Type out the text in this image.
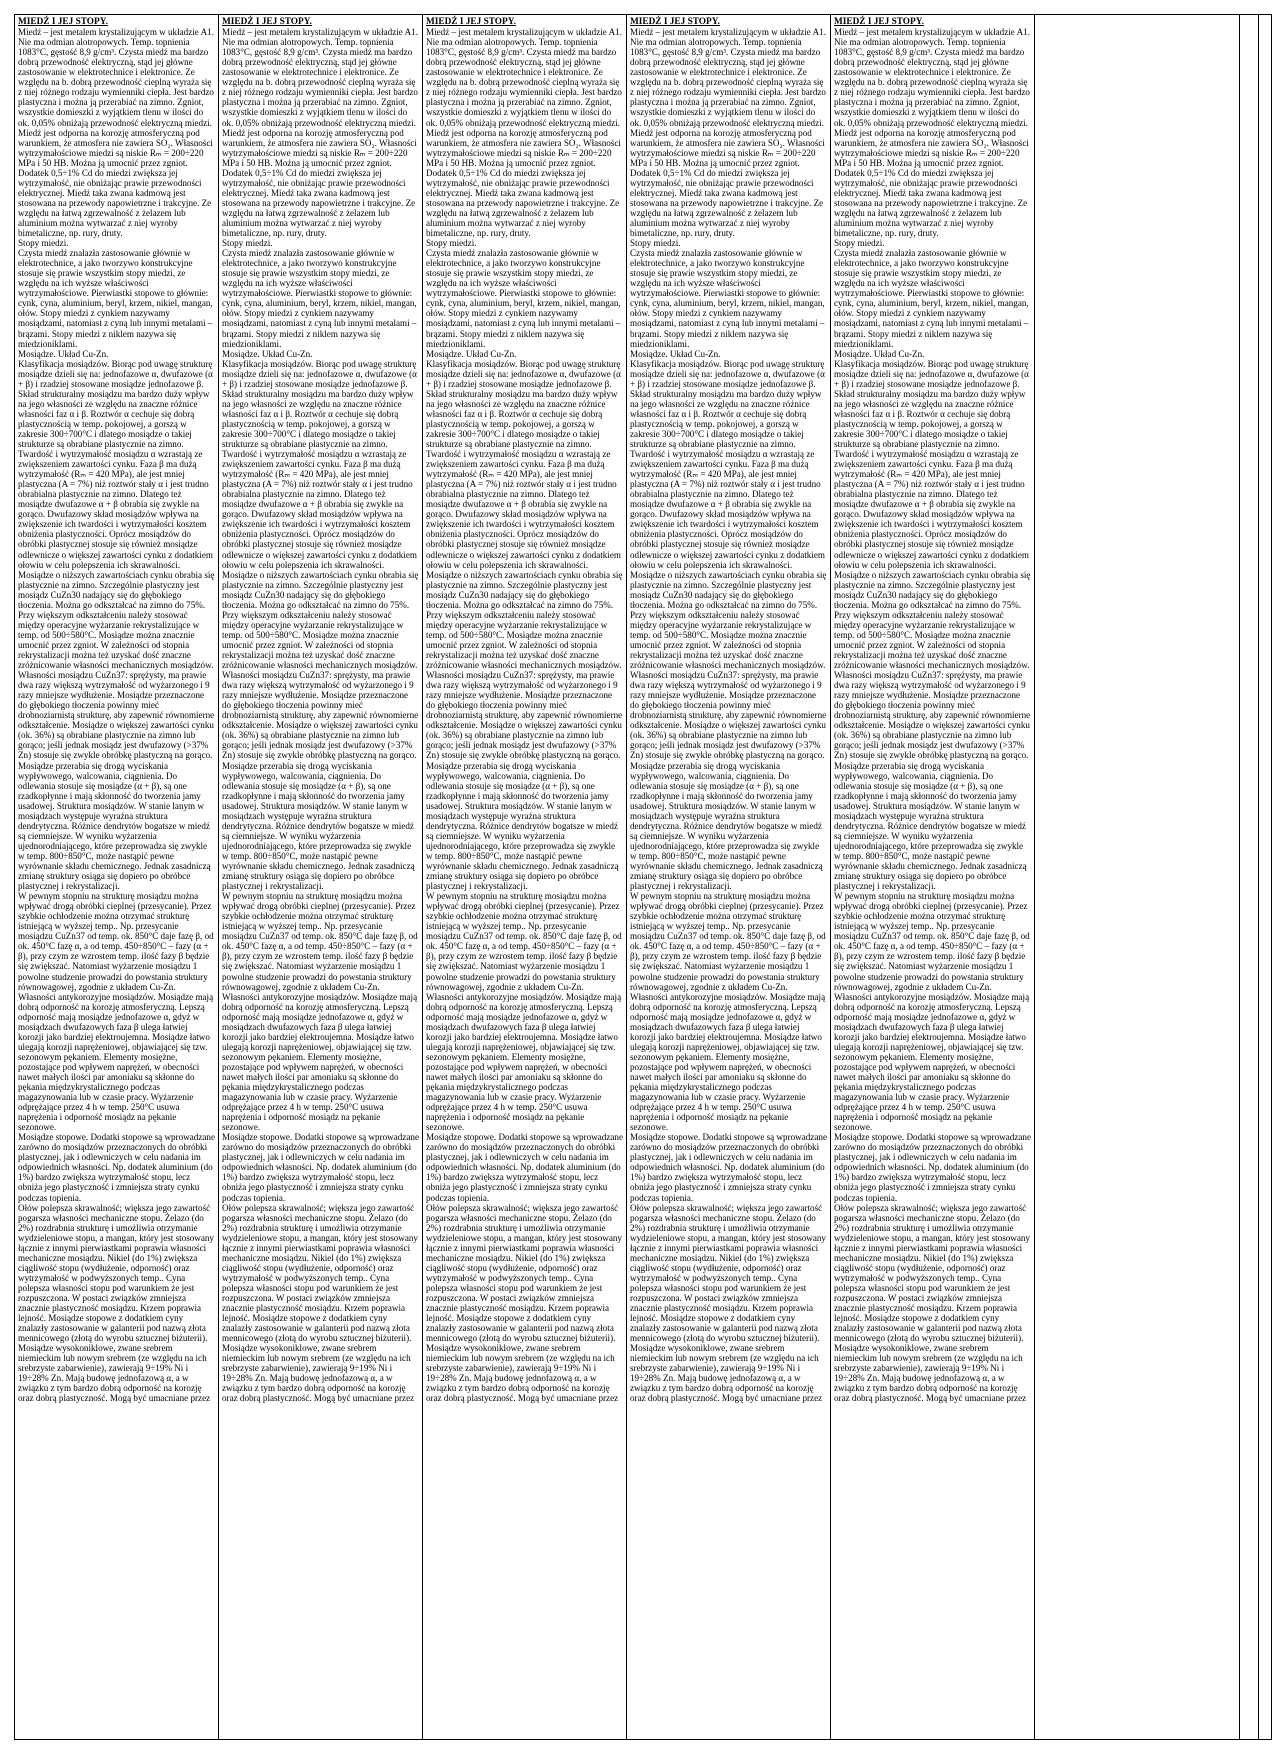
MIEDŹ I JEJ STOPY.
Miedź – jest metalem krystalizującym w układzie A1. Nie ma odmian alotropowych. Temp. topnienia 1083°C, gęstość 8,9 g/cm³. Czysta miedź ma bardzo dobrą przewodność elektryczną, stąd jej główne zastosowanie w elektrotechnice i elektronice. Ze względu na b. dobrą przewodność cieplną wyraża się z niej różnego rodzaju wymienniki ciepła. Jest bardzo plastyczna i można ją przerabiać na zimno. Zgniot, wszystkie domieszki z wyjątkiem tlenu w ilości do ok. 0,05% obniżają przewodność elektryczną miedzi. Miedź jest odporna na korozję atmosferyczną pod warunkiem, że atmosfera nie zawiera SO₂. Własności wytrzymałościowe miedzi są niskie Rₘ = 200÷220 MPa i 50 HB. Można ją umocnić przez zgniot. Dodatek 0,5÷1% Cd do miedzi zwiększa jej wytrzymałość, nie obniżając prawie przewodności elektrycznej. Miedź taka zwana kadmową jest stosowana na przewody napowietrzne i trakcyjne. Ze względu na łatwą zgrzewalność z żelazem lub aluminium można wytwarzać z niej wyroby bimetaliczne, np. rury, druty.
Stopy miedzi.
Czysta miedź znalazła zastosowanie głównie w elektrotechnice, a jako tworzywo konstrukcyjne stosuje się prawie wszystkim stopy miedzi, ze względu na ich wyższe właściwości wytrzymałościowe. Pierwiastki stopowe to głównie: cynk, cyna, aluminium, beryl, krzem, nikiel, mangan, ołów. Stopy miedzi z cynkiem nazywamy mosiądzami, natomiast z cyną lub innymi metalami – brązami. Stopy miedzi z niklem nazywa się miedzioniklami.
Mosiądze. Układ Cu-Zn.
Klasyfikacja mosiądzów. Biorąc pod uwagę strukturę mosiądze dzieli się na: jednofazowe α, dwufazowe (α + β) i rzadziej stosowane mosiądze jednofazowe β. Skład strukturalny mosiądzu ma bardzo duży wpływ na jego własności ze względu na znaczne różnice własności faz α i β. Roztwór α cechuje się dobrą plastycznością w temp. pokojowej, a gorszą w zakresie 300÷700°C i dlatego mosiądze o takiej strukturze są obrabiane plastycznie na zimno. Twardość i wytrzymałość mosiądzu α wzrastają ze zwiększeniem zawartości cynku. Faza β ma dużą wytrzymałość (Rₘ = 420 MPa), ale jest mniej plastyczna (A = 7%) niż roztwór stały α i jest trudno obrabialna plastycznie na zimno. Dlatego też mosiądze dwufazowe α + β obrabia się zwykle na gorąco. Dwufazowy skład mosiądzów wpływa na zwiększenie ich twardości i wytrzymałości kosztem obniżenia plastyczności. Oprócz mosiądzów do obróbki plastycznej stosuje się również mosiądze odlewnicze o większej zawartości cynku z dodatkiem ołowiu w celu polepszenia ich skrawalności. Mosiądze o niższych zawartościach cynku obrabia się plastycznie na zimno. Szczególnie plastyczny jest mosiądz CuZn30 nadający się do głębokiego tłoczenia. Można go odkształcać na zimno do 75%. Przy większym odkształceniu należy stosować między operacyjne wyżarzanie rekrystalizujące w temp. od 500÷580°C. Mosiądze można znacznie umocnić przez zgniot. W zależności od stopnia rekrystalizacji można też uzyskać dość znaczne zróżnicowanie własności mechanicznych mosiądzów. Własności mosiądzu CuZn37: sprężysty, ma prawie dwa razy większą wytrzymałość od wyżarzonego i 9 razy mniejsze wydłużenie. Mosiądze przeznaczone do głębokiego tłoczenia powinny mieć drobnoziarnistą strukturę, aby zapewnić równomierne odkształcenie. Mosiądze o większej zawartości cynku (ok. 36%) są obrabiane plastycznie na zimno lub gorąco; jeśli jednak mosiądz jest dwufazowy (>37% Zn) stosuje się zwykle obróbkę plastyczną na gorąco. Mosiądze przerabia się drogą wyciskania wypływowego, walcowania, ciągnienia. Do odlewania stosuje się mosiądze (α + β), są one rzadkopłynne i mają skłonność do tworzenia jamy usadowej. Struktura mosiądzów. W stanie lanym w mosiądzach występuje wyraźna struktura dendrytyczna. Różnice dendrytów bogatsze w miedź są ciemniejsze. W wyniku wyżarzenia ujednorodniającego, które przeprowadza się zwykle w temp. 800÷850°C, może nastąpić pewne wyrównanie składu chemicznego. Jednak zasadniczą zmianę struktury osiąga się dopiero po obróbce plastycznej i rekrystalizacji.
W pewnym stopniu na strukturę mosiądzu można wpływać drogą obróbki cieplnej (przesycanie). Przez szybkie ochłodzenie można otrzymać strukturę istniejącą w wyższej temp.. Np. przesycanie mosiądzu CuZn37 od temp. ok. 850°C daje fazę β, od ok. 450°C fazę α, a od temp. 450÷850°C – fazy (α + β), przy czym ze wzrostem temp. ilość fazy β będzie się zwiększać. Natomiast wyżarzenie mosiądzu 1 powolne studzenie prowadzi do powstania struktury równowagowej, zgodnie z układem Cu-Zn.
Własności antykorozyjne mosiądzów. Mosiądze mają dobrą odporność na korozję atmosferyczną. Lepszą odporność mają mosiądze jednofazowe α, gdyż w mosiądzach dwufazowych faza β ulega łatwiej korozji jako bardziej elektroujemna. Mosiądze łatwo ulegają korozji naprężeniowej, objawiającej się tzw. sezonowym pękaniem. Elementy mosiężne, pozostające pod wpływem naprężeń, w obecności nawet małych ilości par amoniaku są skłonne do pękania międzykrystalicznego podczas magazynowania lub w czasie pracy. Wyżarzenie odprężające przez 4 h w temp. 250°C usuwa naprężenia i odporność mosiądz na pękanie sezonowe.
Mosiądze stopowe. Dodatki stopowe są wprowadzane zarówno do mosiądzów przeznaczonych do obróbki plastycznej, jak i odlewniczych w celu nadania im odpowiednich własności. Np. dodatek aluminium (do 1%) bardzo zwiększa wytrzymałość stopu, lecz obniża jego plastyczność i zmniejsza straty cynku podczas topienia.
Ołów polepsza skrawalność; większa jego zawartość pogarsza własności mechaniczne stopu. Żelazo (do 2%) rozdrabnia strukturę i umożliwia otrzymanie wydzieleniowe stopu, a mangan, który jest stosowany łącznie z innymi pierwiastkami poprawia własności mechaniczne mosiądzu. Nikiel (do 1%) zwiększa ciągliwość stopu (wydłużenie, odporność) oraz wytrzymałość w podwyższonych temp.. Cyna polepsza własności stopu pod warunkiem że jest rozpuszczona. W postaci związków zmniejsza znacznie plastyczność mosiądzu. Krzem poprawia lejność. Mosiądze stopowe z dodatkiem cyny znalazły zastosowanie w galanterii pod nazwą złota mennicowego (złotą do wyrobu sztucznej biżuterii).
Mosiądze wysokoniklowe, zwane srebrem niemieckim lub nowym srebrem (ze względu na ich srebrzyste zabarwienie), zawierają 9÷19% Ni i 19÷28% Zn. Mają budowę jednofazową α, a w związku z tym bardzo dobrą odporność na korozję oraz dobrą plastyczność. Mogą być umacniane przez

MIEDŹ I JEJ STOPY.
Miedź – jest metalem krystalizującym w układzie A1. Nie ma odmian alotropowych. Temp. topnienia 1083°C, gęstość 8,9 g/cm³. Czysta miedź ma bardzo dobrą przewodność elektryczną, stąd jej główne zastosowanie w elektrotechnice i elektronice. Ze względu na b. dobrą przewodność cieplną wyraża się z niej różnego rodzaju wymienniki ciepła. Jest bardzo plastyczna i można ją przerabiać na zimno. Zgniot, wszystkie domieszki z wyjątkiem tlenu w ilości do ok. 0,05% obniżają przewodność elektryczną miedzi. Miedź jest odporna na korozję atmosferyczną pod warunkiem, że atmosfera nie zawiera SO₂. Własności wytrzymałościowe miedzi są niskie Rₘ = 200÷220 MPa i 50 HB. Można ją umocnić przez zgniot. Dodatek 0,5÷1% Cd do miedzi zwiększa jej wytrzymałość, nie obniżając prawie przewodności elektrycznej. Miedź taka zwana kadmową jest stosowana na przewody napowietrzne i trakcyjne. Ze względu na łatwą zgrzewalność z żelazem lub aluminium można wytwarzać z niej wyroby bimetaliczne, np. rury, druty.
Stopy miedzi.
Czysta miedź znalazła zastosowanie głównie w elektrotechnice, a jako tworzywo konstrukcyjne stosuje się prawie wszystkim stopy miedzi, ze względu na ich wyższe właściwości wytrzymałościowe. Pierwiastki stopowe to głównie: cynk, cyna, aluminium, beryl, krzem, nikiel, mangan, ołów. Stopy miedzi z cynkiem nazywamy mosiądzami, natomiast z cyną lub innymi metalami – brązami. Stopy miedzi z niklem nazywa się miedzioniklami.
Mosiądze. Układ Cu-Zn.
Klasyfikacja mosiądzów. Biorąc pod uwagę strukturę mosiądze dzieli się na: jednofazowe α, dwufazowe (α + β) i rzadziej stosowane mosiądze jednofazowe β. Skład strukturalny mosiądzu ma bardzo duży wpływ na jego własności ze względu na znaczne różnice własności faz α i β. Roztwór α cechuje się dobrą plastycznością w temp. pokojowej, a gorszą w zakresie 300÷700°C i dlatego mosiądze o takiej strukturze są obrabiane plastycznie na zimno. Twardość i wytrzymałość mosiądzu α wzrastają ze zwiększeniem zawartości cynku. Faza β ma dużą wytrzymałość (Rₘ = 420 MPa), ale jest mniej plastyczna (A = 7%) niż roztwór stały α i jest trudno obrabialna plastycznie na zimno. Dlatego też mosiądze dwufazowe α + β obrabia się zwykle na gorąco. Dwufazowy skład mosiądzów wpływa na zwiększenie ich twardości i wytrzymałości kosztem obniżenia plastyczności. Oprócz mosiądzów do obróbki plastycznej stosuje się również mosiądze odlewnicze o większej zawartości cynku z dodatkiem ołowiu w celu polepszenia ich skrawalności. Mosiądze o niższych zawartościach cynku obrabia się plastycznie na zimno. Szczególnie plastyczny jest mosiądz CuZn30 nadający się do głębokiego tłoczenia. Można go odkształcać na zimno do 75%. Przy większym odkształceniu należy stosować między operacyjne wyżarzanie rekrystalizujące w temp. od 500÷580°C. Mosiądze można znacznie umocnić przez zgniot. W zależności od stopnia rekrystalizacji można też uzyskać dość znaczne zróżnicowanie własności mechanicznych mosiądzów. Własności mosiądzu CuZn37: sprężysty, ma prawie dwa razy większą wytrzymałość od wyżarzonego i 9 razy mniejsze wydłużenie. Mosiądze przeznaczone do głębokiego tłoczenia powinny mieć drobnoziarnistą strukturę, aby zapewnić równomierne odkształcenie. Mosiądze o większej zawartości cynku (ok. 36%) są obrabiane plastycznie na zimno lub gorąco; jeśli jednak mosiądz jest dwufazowy (>37% Zn) stosuje się zwykle obróbkę plastyczną na gorąco. Mosiądze przerabia się drogą wyciskania wypływowego, walcowania, ciągnienia. Do odlewania stosuje się mosiądze (α + β), są one rzadkopłynne i mają skłonność do tworzenia jamy usadowej. Struktura mosiądzów. W stanie lanym w mosiądzach występuje wyraźna struktura dendrytyczna. Różnice dendrytów bogatsze w miedź są ciemniejsze. W wyniku wyżarzenia ujednorodniającego, które przeprowadza się zwykle w temp. 800÷850°C, może nastąpić pewne wyrównanie składu chemicznego. Jednak zasadniczą zmianę struktury osiąga się dopiero po obróbce plastycznej i rekrystalizacji.
W pewnym stopniu na strukturę mosiądzu można wpływać drogą obróbki cieplnej (przesycanie). Przez szybkie ochłodzenie można otrzymać strukturę istniejącą w wyższej temp.. Np. przesycanie mosiądzu CuZn37 od temp. ok. 850°C daje fazę β, od ok. 450°C fazę α, a od temp. 450÷850°C – fazy (α + β), przy czym ze wzrostem temp. ilość fazy β będzie się zwiększać. Natomiast wyżarzenie mosiądzu 1 powolne studzenie prowadzi do powstania struktury równowagowej, zgodnie z układem Cu-Zn.
Własności antykorozyjne mosiądzów. Mosiądze mają dobrą odporność na korozję atmosferyczną. Lepszą odporność mają mosiądze jednofazowe α, gdyż w mosiądzach dwufazowych faza β ulega łatwiej korozji jako bardziej elektroujemna. Mosiądze łatwo ulegają korozji naprężeniowej, objawiającej się tzw. sezonowym pękaniem. Elementy mosiężne, pozostające pod wpływem naprężeń, w obecności nawet małych ilości par amoniaku są skłonne do pękania międzykrystalicznego podczas magazynowania lub w czasie pracy. Wyżarzenie odprężające przez 4 h w temp. 250°C usuwa naprężenia i odporność mosiądz na pękanie sezonowe.
Mosiądze stopowe. Dodatki stopowe są wprowadzane zarówno do mosiądzów przeznaczonych do obróbki plastycznej, jak i odlewniczych w celu nadania im odpowiednich własności. Np. dodatek aluminium (do 1%) bardzo zwiększa wytrzymałość stopu, lecz obniża jego plastyczność i zmniejsza straty cynku podczas topienia.
Ołów polepsza skrawalność; większa jego zawartość pogarsza własności mechaniczne stopu. Żelazo (do 2%) rozdrabnia strukturę i umożliwia otrzymanie wydzieleniowe stopu, a mangan, który jest stosowany łącznie z innymi pierwiastkami poprawia własności mechaniczne mosiądzu. Nikiel (do 1%) zwiększa ciągliwość stopu (wydłużenie, odporność) oraz wytrzymałość w podwyższonych temp.. Cyna polepsza własności stopu pod warunkiem że jest rozpuszczona. W postaci związków zmniejsza znacznie plastyczność mosiądzu. Krzem poprawia lejność. Mosiądze stopowe z dodatkiem cyny znalazły zastosowanie w galanterii pod nazwą złota mennicowego (złotą do wyrobu sztucznej biżuterii).
Mosiądze wysokoniklowe, zwane srebrem niemieckim lub nowym srebrem (ze względu na ich srebrzyste zabarwienie), zawierają 9÷19% Ni i 19÷28% Zn. Mają budowę jednofazową α, a w związku z tym bardzo dobrą odporność na korozję oraz dobrą plastyczność. Mogą być umacniane przez

MIEDŹ I JEJ STOPY.
Miedź – jest metalem krystalizującym w układzie A1. Nie ma odmian alotropowych. Temp. topnienia 1083°C, gęstość 8,9 g/cm³. Czysta miedź ma bardzo dobrą przewodność elektryczną, stąd jej główne zastosowanie w elektrotechnice i elektronice. Ze względu na b. dobrą przewodność cieplną wyraża się z niej różnego rodzaju wymienniki ciepła. Jest bardzo plastyczna i można ją przerabiać na zimno. Zgniot, wszystkie domieszki z wyjątkiem tlenu w ilości do ok. 0,05% obniżają przewodność elektryczną miedzi. Miedź jest odporna na korozję atmosferyczną pod warunkiem, że atmosfera nie zawiera SO₂. Własności wytrzymałościowe miedzi są niskie Rₘ = 200÷220 MPa i 50 HB. Można ją umocnić przez zgniot. Dodatek 0,5÷1% Cd do miedzi zwiększa jej wytrzymałość, nie obniżając prawie przewodności elektrycznej. Miedź taka zwana kadmową jest stosowana na przewody napowietrzne i trakcyjne. Ze względu na łatwą zgrzewalność z żelazem lub aluminium można wytwarzać z niej wyroby bimetaliczne, np. rury, druty.
Stopy miedzi.
Czysta miedź znalazła zastosowanie głównie w elektrotechnice, a jako tworzywo konstrukcyjne stosuje się prawie wszystkim stopy miedzi, ze względu na ich wyższe właściwości wytrzymałościowe. Pierwiastki stopowe to głównie: cynk, cyna, aluminium, beryl, krzem, nikiel, mangan, ołów. Stopy miedzi z cynkiem nazywamy mosiądzami, natomiast z cyną lub innymi metalami – brązami. Stopy miedzi z niklem nazywa się miedzioniklami.
Mosiądze. Układ Cu-Zn.
Klasyfikacja mosiądzów. Biorąc pod uwagę strukturę mosiądze dzieli się na: jednofazowe α, dwufazowe (α + β) i rzadziej stosowane mosiądze jednofazowe β. Skład strukturalny mosiądzu ma bardzo duży wpływ na jego własności ze względu na znaczne różnice własności faz α i β. Roztwór α cechuje się dobrą plastycznością w temp. pokojowej, a gorszą w zakresie 300÷700°C i dlatego mosiądze o takiej strukturze są obrabiane plastycznie na zimno. Twardość i wytrzymałość mosiądzu α wzrastają ze zwiększeniem zawartości cynku. Faza β ma dużą wytrzymałość (Rₘ = 420 MPa), ale jest mniej plastyczna (A = 7%) niż roztwór stały α i jest trudno obrabialna plastycznie na zimno. Dlatego też mosiądze dwufazowe α + β obrabia się zwykle na gorąco. Dwufazowy skład mosiądzów wpływa na zwiększenie ich twardości i wytrzymałości kosztem obniżenia plastyczności. Oprócz mosiądzów do obróbki plastycznej stosuje się również mosiądze odlewnicze o większej zawartości cynku z dodatkiem ołowiu w celu polepszenia ich skrawalności. Mosiądze o niższych zawartościach cynku obrabia się plastycznie na zimno. Szczególnie plastyczny jest mosiądz CuZn30 nadający się do głębokiego tłoczenia. Można go odkształcać na zimno do 75%. Przy większym odkształceniu należy stosować między operacyjne wyżarzanie rekrystalizujące w temp. od 500÷580°C. Mosiądze można znacznie umocnić przez zgniot. W zależności od stopnia rekrystalizacji można też uzyskać dość znaczne zróżnicowanie własności mechanicznych mosiądzów. Własności mosiądzu CuZn37: sprężysty, ma prawie dwa razy większą wytrzymałość od wyżarzonego i 9 razy mniejsze wydłużenie. Mosiądze przeznaczone do głębokiego tłoczenia powinny mieć drobnoziarnistą strukturę, aby zapewnić równomierne odkształcenie. Mosiądze o większej zawartości cynku (ok. 36%) są obrabiane plastycznie na zimno lub gorąco; jeśli jednak mosiądz jest dwufazowy (>37% Zn) stosuje się zwykle obróbkę plastyczną na gorąco. Mosiądze przerabia się drogą wyciskania wypływowego, walcowania, ciągnienia. Do odlewania stosuje się mosiądze (α + β), są one rzadkopłynne i mają skłonność do tworzenia jamy usadowej. Struktura mosiądzów. W stanie lanym w mosiądzach występuje wyraźna struktura dendrytyczna. Różnice dendrytów bogatsze w miedź są ciemniejsze. W wyniku wyżarzenia ujednorodniającego, które przeprowadza się zwykle w temp. 800÷850°C, może nastąpić pewne wyrównanie składu chemicznego. Jednak zasadniczą zmianę struktury osiąga się dopiero po obróbce plastycznej i rekrystalizacji.
W pewnym stopniu na strukturę mosiądzu można wpływać drogą obróbki cieplnej (przesycanie). Przez szybkie ochłodzenie można otrzymać strukturę istniejącą w wyższej temp.. Np. przesycanie mosiądzu CuZn37 od temp. ok. 850°C daje fazę β, od ok. 450°C fazę α, a od temp. 450÷850°C – fazy (α + β), przy czym ze wzrostem temp. ilość fazy β będzie się zwiększać. Natomiast wyżarzenie mosiądzu 1 powolne studzenie prowadzi do powstania struktury równowagowej, zgodnie z układem Cu-Zn.
Własności antykorozyjne mosiądzów. Mosiądze mają dobrą odporność na korozję atmosferyczną. Lepszą odporność mają mosiądze jednofazowe α, gdyż w mosiądzach dwufazowych faza β ulega łatwiej korozji jako bardziej elektroujemna. Mosiądze łatwo ulegają korozji naprężeniowej, objawiającej się tzw. sezonowym pękaniem. Elementy mosiężne, pozostające pod wpływem naprężeń, w obecności nawet małych ilości par amoniaku są skłonne do pękania międzykrystalicznego podczas magazynowania lub w czasie pracy. Wyżarzenie odprężające przez 4 h w temp. 250°C usuwa naprężenia i odporność mosiądz na pękanie sezonowe.
Mosiądze stopowe. Dodatki stopowe są wprowadzane zarówno do mosiądzów przeznaczonych do obróbki plastycznej, jak i odlewniczych w celu nadania im odpowiednich własności. Np. dodatek aluminium (do 1%) bardzo zwiększa wytrzymałość stopu, lecz obniża jego plastyczność i zmniejsza straty cynku podczas topienia.
Ołów polepsza skrawalność; większa jego zawartość pogarsza własności mechaniczne stopu. Żelazo (do 2%) rozdrabnia strukturę i umożliwia otrzymanie wydzieleniowe stopu, a mangan, który jest stosowany łącznie z innymi pierwiastkami poprawia własności mechaniczne mosiądzu. Nikiel (do 1%) zwiększa ciągliwość stopu (wydłużenie, odporność) oraz wytrzymałość w podwyższonych temp.. Cyna polepsza własności stopu pod warunkiem że jest rozpuszczona. W postaci związków zmniejsza znacznie plastyczność mosiądzu. Krzem poprawia lejność. Mosiądze stopowe z dodatkiem cyny znalazły zastosowanie w galanterii pod nazwą złota mennicowego (złotą do wyrobu sztucznej biżuterii).
Mosiądze wysokoniklowe, zwane srebrem niemieckim lub nowym srebrem (ze względu na ich srebrzyste zabarwienie), zawierają 9÷19% Ni i 19÷28% Zn. Mają budowę jednofazową α, a w związku z tym bardzo dobrą odporność na korozję oraz dobrą plastyczność. Mogą być umacniane przez

MIEDŹ I JEJ STOPY.
Miedź – jest metalem krystalizującym w układzie A1. Nie ma odmian alotropowych. Temp. topnienia 1083°C, gęstość 8,9 g/cm³. Czysta miedź ma bardzo dobrą przewodność elektryczną, stąd jej główne zastosowanie w elektrotechnice i elektronice. Ze względu na b. dobrą przewodność cieplną wyraża się z niej różnego rodzaju wymienniki ciepła. Jest bardzo plastyczna i można ją przerabiać na zimno. Zgniot, wszystkie domieszki z wyjątkiem tlenu w ilości do ok. 0,05% obniżają przewodność elektryczną miedzi. Miedź jest odporna na korozję atmosferyczną pod warunkiem, że atmosfera nie zawiera SO₂. Własności wytrzymałościowe miedzi są niskie Rₘ = 200÷220 MPa i 50 HB. Można ją umocnić przez zgniot. Dodatek 0,5÷1% Cd do miedzi zwiększa jej wytrzymałość, nie obniżając prawie przewodności elektrycznej. Miedź taka zwana kadmową jest stosowana na przewody napowietrzne i trakcyjne. Ze względu na łatwą zgrzewalność z żelazem lub aluminium można wytwarzać z niej wyroby bimetaliczne, np. rury, druty.
Stopy miedzi.
Czysta miedź znalazła zastosowanie głównie w elektrotechnice, a jako tworzywo konstrukcyjne stosuje się prawie wszystkim stopy miedzi, ze względu na ich wyższe właściwości wytrzymałościowe. Pierwiastki stopowe to głównie: cynk, cyna, aluminium, beryl, krzem, nikiel, mangan, ołów. Stopy miedzi z cynkiem nazywamy mosiądzami, natomiast z cyną lub innymi metalami – brązami. Stopy miedzi z niklem nazywa się miedzioniklami.
Mosiądze. Układ Cu-Zn.
Klasyfikacja mosiądzów. Biorąc pod uwagę strukturę mosiądze dzieli się na: jednofazowe α, dwufazowe (α + β) i rzadziej stosowane mosiądze jednofazowe β. Skład strukturalny mosiądzu ma bardzo duży wpływ na jego własności ze względu na znaczne różnice własności faz α i β. Roztwór α cechuje się dobrą plastycznością w temp. pokojowej, a gorszą w zakresie 300÷700°C i dlatego mosiądze o takiej strukturze są obrabiane plastycznie na zimno. Twardość i wytrzymałość mosiądzu α wzrastają ze zwiększeniem zawartości cynku. Faza β ma dużą wytrzymałość (Rₘ = 420 MPa), ale jest mniej plastyczna (A = 7%) niż roztwór stały α i jest trudno obrabialna plastycznie na zimno. Dlatego też mosiądze dwufazowe α + β obrabia się zwykle na gorąco. Dwufazowy skład mosiądzów wpływa na zwiększenie ich twardości i wytrzymałości kosztem obniżenia plastyczności. Oprócz mosiądzów do obróbki plastycznej stosuje się również mosiądze odlewnicze o większej zawartości cynku z dodatkiem ołowiu w celu polepszenia ich skrawalności. Mosiądze o niższych zawartościach cynku obrabia się plastycznie na zimno. Szczególnie plastyczny jest mosiądz CuZn30 nadający się do głębokiego tłoczenia. Można go odkształcać na zimno do 75%. Przy większym odkształceniu należy stosować między operacyjne wyżarzanie rekrystalizujące w temp. od 500÷580°C. Mosiądze można znacznie umocnić przez zgniot. W zależności od stopnia rekrystalizacji można też uzyskać dość znaczne zróżnicowanie własności mechanicznych mosiądzów. Własności mosiądzu CuZn37: sprężysty, ma prawie dwa razy większą wytrzymałość od wyżarzonego i 9 razy mniejsze wydłużenie. Mosiądze przeznaczone do głębokiego tłoczenia powinny mieć drobnoziarnistą strukturę, aby zapewnić równomierne odkształcenie. Mosiądze o większej zawartości cynku (ok. 36%) są obrabiane plastycznie na zimno lub gorąco; jeśli jednak mosiądz jest dwufazowy (>37% Zn) stosuje się zwykle obróbkę plastyczną na gorąco. Mosiądze przerabia się drogą wyciskania wypływowego, walcowania, ciągnienia. Do odlewania stosuje się mosiądze (α + β), są one rzadkopłynne i mają skłonność do tworzenia jamy usadowej. Struktura mosiądzów. W stanie lanym w mosiądzach występuje wyraźna struktura dendrytyczna. Różnice dendrytów bogatsze w miedź są ciemniejsze. W wyniku wyżarzenia ujednorodniającego, które przeprowadza się zwykle w temp. 800÷850°C, może nastąpić pewne wyrównanie składu chemicznego. Jednak zasadniczą zmianę struktury osiąga się dopiero po obróbce plastycznej i rekrystalizacji.
W pewnym stopniu na strukturę mosiądzu można wpływać drogą obróbki cieplnej (przesycanie). Przez szybkie ochłodzenie można otrzymać strukturę istniejącą w wyższej temp.. Np. przesycanie mosiądzu CuZn37 od temp. ok. 850°C daje fazę β, od ok. 450°C fazę α, a od temp. 450÷850°C – fazy (α + β), przy czym ze wzrostem temp. ilość fazy β będzie się zwiększać. Natomiast wyżarzenie mosiądzu 1 powolne studzenie prowadzi do powstania struktury równowagowej, zgodnie z układem Cu-Zn.
Własności antykorozyjne mosiądzów. Mosiądze mają dobrą odporność na korozję atmosferyczną. Lepszą odporność mają mosiądze jednofazowe α, gdyż w mosiądzach dwufazowych faza β ulega łatwiej korozji jako bardziej elektroujemna. Mosiądze łatwo ulegają korozji naprężeniowej, objawiającej się tzw. sezonowym pękaniem. Elementy mosiężne, pozostające pod wpływem naprężeń, w obecności nawet małych ilości par amoniaku są skłonne do pękania międzykrystalicznego podczas magazynowania lub w czasie pracy. Wyżarzenie odprężające przez 4 h w temp. 250°C usuwa naprężenia i odporność mosiądz na pękanie sezonowe.
Mosiądze stopowe. Dodatki stopowe są wprowadzane zarówno do mosiądzów przeznaczonych do obróbki plastycznej, jak i odlewniczych w celu nadania im odpowiednich własności. Np. dodatek aluminium (do 1%) bardzo zwiększa wytrzymałość stopu, lecz obniża jego plastyczność i zmniejsza straty cynku podczas topienia.
Ołów polepsza skrawalność; większa jego zawartość pogarsza własności mechaniczne stopu. Żelazo (do 2%) rozdrabnia strukturę i umożliwia otrzymanie wydzieleniowe stopu, a mangan, który jest stosowany łącznie z innymi pierwiastkami poprawia własności mechaniczne mosiądzu. Nikiel (do 1%) zwiększa ciągliwość stopu (wydłużenie, odporność) oraz wytrzymałość w podwyższonych temp.. Cyna polepsza własności stopu pod warunkiem że jest rozpuszczona. W postaci związków zmniejsza znacznie plastyczność mosiądzu. Krzem poprawia lejność. Mosiądze stopowe z dodatkiem cyny znalazły zastosowanie w galanterii pod nazwą złota mennicowego (złotą do wyrobu sztucznej biżuterii).
Mosiądze wysokoniklowe, zwane srebrem niemieckim lub nowym srebrem (ze względu na ich srebrzyste zabarwienie), zawierają 9÷19% Ni i 19÷28% Zn. Mają budowę jednofazową α, a w związku z tym bardzo dobrą odporność na korozję oraz dobrą plastyczność. Mogą być umacniane przez

MIEDŹ I JEJ STOPY.
Miedź – jest metalem krystalizującym w układzie A1. Nie ma odmian alotropowych. Temp. topnienia 1083°C, gęstość 8,9 g/cm³. Czysta miedź ma bardzo dobrą przewodność elektryczną, stąd jej główne zastosowanie w elektrotechnice i elektronice. Ze względu na b. dobrą przewodność cieplną wyraża się z niej różnego rodzaju wymienniki ciepła. Jest bardzo plastyczna i można ją przerabiać na zimno. Zgniot, wszystkie domieszki z wyjątkiem tlenu w ilości do ok. 0,05% obniżają przewodność elektryczną miedzi. Miedź jest odporna na korozję atmosferyczną pod warunkiem, że atmosfera nie zawiera SO₂. Własności wytrzymałościowe miedzi są niskie Rₘ = 200÷220 MPa i 50 HB. Można ją umocnić przez zgniot. Dodatek 0,5÷1% Cd do miedzi zwiększa jej wytrzymałość, nie obniżając prawie przewodności elektrycznej. Miedź taka zwana kadmową jest stosowana na przewody napowietrzne i trakcyjne. Ze względu na łatwą zgrzewalność z żelazem lub aluminium można wytwarzać z niej wyroby bimetaliczne, np. rury, druty.
Stopy miedzi.
Czysta miedź znalazła zastosowanie głównie w elektrotechnice, a jako tworzywo konstrukcyjne stosuje się prawie wszystkim stopy miedzi, ze względu na ich wyższe właściwości wytrzymałościowe. Pierwiastki stopowe to głównie: cynk, cyna, aluminium, beryl, krzem, nikiel, mangan, ołów. Stopy miedzi z cynkiem nazywamy mosiądzami, natomiast z cyną lub innymi metalami – brązami. Stopy miedzi z niklem nazywa się miedzioniklami.
Mosiądze. Układ Cu-Zn.
Klasyfikacja mosiądzów. Biorąc pod uwagę strukturę mosiądze dzieli się na: jednofazowe α, dwufazowe (α + β) i rzadziej stosowane mosiądze jednofazowe β. Skład strukturalny mosiądzu ma bardzo duży wpływ na jego własności ze względu na znaczne różnice własności faz α i β. Roztwór α cechuje się dobrą plastycznością w temp. pokojowej, a gorszą w zakresie 300÷700°C i dlatego mosiądze o takiej strukturze są obrabiane plastycznie na zimno. Twardość i wytrzymałość mosiądzu α wzrastają ze zwiększeniem zawartości cynku. Faza β ma dużą wytrzymałość (Rₘ = 420 MPa), ale jest mniej plastyczna (A = 7%) niż roztwór stały α i jest trudno obrabialna plastycznie na zimno. Dlatego też mosiądze dwufazowe α + β obrabia się zwykle na gorąco. Dwufazowy skład mosiądzów wpływa na zwiększenie ich twardości i wytrzymałości kosztem obniżenia plastyczności. Oprócz mosiądzów do obróbki plastycznej stosuje się również mosiądze odlewnicze o większej zawartości cynku z dodatkiem ołowiu w celu polepszenia ich skrawalności. Mosiądze o niższych zawartościach cynku obrabia się plastycznie na zimno. Szczególnie plastyczny jest mosiądz CuZn30 nadający się do głębokiego tłoczenia. Można go odkształcać na zimno do 75%. Przy większym odkształceniu należy stosować między operacyjne wyżarzanie rekrystalizujące w temp. od 500÷580°C. Mosiądze można znacznie umocnić przez zgniot. W zależności od stopnia rekrystalizacji można też uzyskać dość znaczne zróżnicowanie własności mechanicznych mosiądzów. Własności mosiądzu CuZn37: sprężysty, ma prawie dwa razy większą wytrzymałość od wyżarzonego i 9 razy mniejsze wydłużenie. Mosiądze przeznaczone do głębokiego tłoczenia powinny mieć drobnoziarnistą strukturę, aby zapewnić równomierne odkształcenie. Mosiądze o większej zawartości cynku (ok. 36%) są obrabiane plastycznie na zimno lub gorąco; jeśli jednak mosiądz jest dwufazowy (>37% Zn) stosuje się zwykle obróbkę plastyczną na gorąco. Mosiądze przerabia się drogą wyciskania wypływowego, walcowania, ciągnienia. Do odlewania stosuje się mosiądze (α + β), są one rzadkopłynne i mają skłonność do tworzenia jamy usadowej. Struktura mosiądzów. W stanie lanym w mosiądzach występuje wyraźna struktura dendrytyczna. Różnice dendrytów bogatsze w miedź są ciemniejsze. W wyniku wyżarzenia ujednorodniającego, które przeprowadza się zwykle w temp. 800÷850°C, może nastąpić pewne wyrównanie składu chemicznego. Jednak zasadniczą zmianę struktury osiąga się dopiero po obróbce plastycznej i rekrystalizacji.
W pewnym stopniu na strukturę mosiądzu można wpływać drogą obróbki cieplnej (przesycanie). Przez szybkie ochłodzenie można otrzymać strukturę istniejącą w wyższej temp.. Np. przesycanie mosiądzu CuZn37 od temp. ok. 850°C daje fazę β, od ok. 450°C fazę α, a od temp. 450÷850°C – fazy (α + β), przy czym ze wzrostem temp. ilość fazy β będzie się zwiększać. Natomiast wyżarzenie mosiądzu 1 powolne studzenie prowadzi do powstania struktury równowagowej, zgodnie z układem Cu-Zn.
Własności antykorozyjne mosiądzów. Mosiądze mają dobrą odporność na korozję atmosferyczną. Lepszą odporność mają mosiądze jednofazowe α, gdyż w mosiądzach dwufazowych faza β ulega łatwiej korozji jako bardziej elektroujemna. Mosiądze łatwo ulegają korozji naprężeniowej, objawiającej się tzw. sezonowym pękaniem. Elementy mosiężne, pozostające pod wpływem naprężeń, w obecności nawet małych ilości par amoniaku są skłonne do pękania międzykrystalicznego podczas magazynowania lub w czasie pracy. Wyżarzenie odprężające przez 4 h w temp. 250°C usuwa naprężenia i odporność mosiądz na pękanie sezonowe.
Mosiądze stopowe. Dodatki stopowe są wprowadzane zarówno do mosiądzów przeznaczonych do obróbki plastycznej, jak i odlewniczych w celu nadania im odpowiednich własności. Np. dodatek aluminium (do 1%) bardzo zwiększa wytrzymałość stopu, lecz obniża jego plastyczność i zmniejsza straty cynku podczas topienia.
Ołów polepsza skrawalność; większa jego zawartość pogarsza własności mechaniczne stopu. Żelazo (do 2%) rozdrabnia strukturę i umożliwia otrzymanie wydzieleniowe stopu, a mangan, który jest stosowany łącznie z innymi pierwiastkami poprawia własności mechaniczne mosiądzu. Nikiel (do 1%) zwiększa ciągliwość stopu (wydłużenie, odporność) oraz wytrzymałość w podwyższonych temp.. Cyna polepsza własności stopu pod warunkiem że jest rozpuszczona. W postaci związków zmniejsza znacznie plastyczność mosiądzu. Krzem poprawia lejność. Mosiądze stopowe z dodatkiem cyny znalazły zastosowanie w galanterii pod nazwą złota mennicowego (złotą do wyrobu sztucznej biżuterii).
Mosiądze wysokoniklowe, zwane srebrem niemieckim lub nowym srebrem (ze względu na ich srebrzyste zabarwienie), zawierają 9÷19% Ni i 19÷28% Zn. Mają budowę jednofazową α, a w związku z tym bardzo dobrą odporność na korozję oraz dobrą plastyczność. Mogą być umacniane przez
